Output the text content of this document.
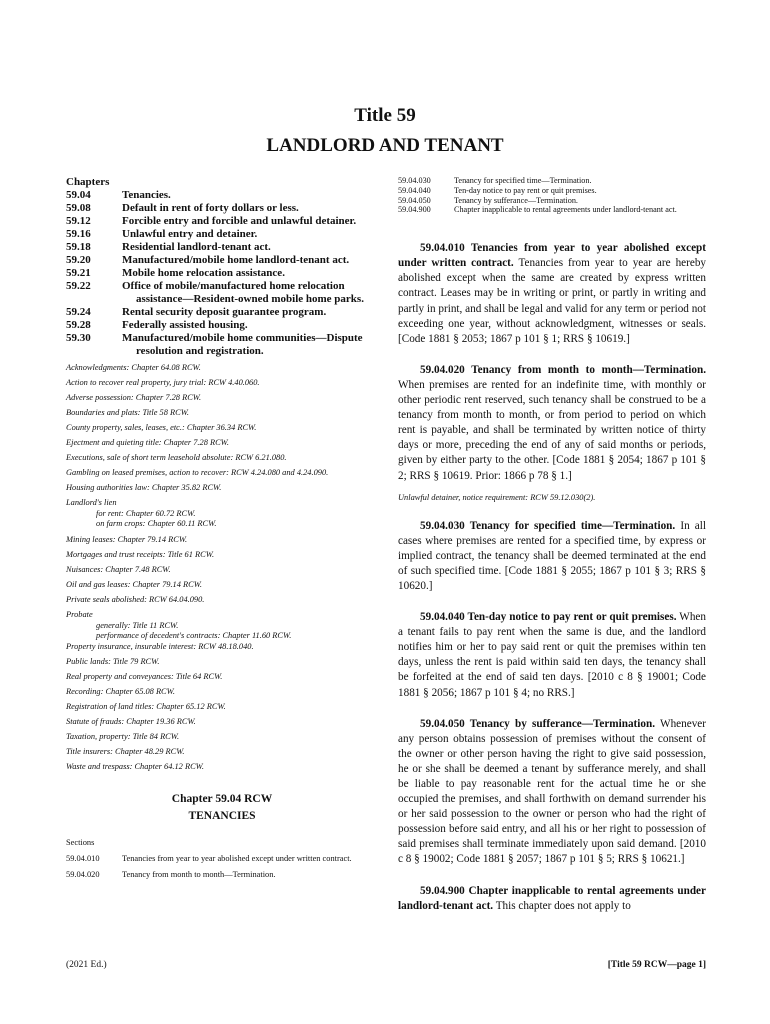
Title 59
LANDLORD AND TENANT
Chapters
59.04	Tenancies.
59.08	Default in rent of forty dollars or less.
59.12	Forcible entry and forcible and unlawful detainer.
59.16	Unlawful entry and detainer.
59.18	Residential landlord-tenant act.
59.20	Manufactured/mobile home landlord-tenant act.
59.21	Mobile home relocation assistance.
59.22	Office of mobile/manufactured home relocation assistance—Resident-owned mobile home parks.
59.24	Rental security deposit guarantee program.
59.28	Federally assisted housing.
59.30	Manufactured/mobile home communities—Dispute resolution and registration.
Acknowledgments: Chapter 64.08 RCW.
Action to recover real property, jury trial: RCW 4.40.060.
Adverse possession: Chapter 7.28 RCW.
Boundaries and plats: Title 58 RCW.
County property, sales, leases, etc.: Chapter 36.34 RCW.
Ejectment and quieting title: Chapter 7.28 RCW.
Executions, sale of short term leasehold absolute: RCW 6.21.080.
Gambling on leased premises, action to recover: RCW 4.24.080 and 4.24.090.
Housing authorities law: Chapter 35.82 RCW.
Landlord's lien
for rent: Chapter 60.72 RCW.
on farm crops: Chapter 60.11 RCW.
Mining leases: Chapter 79.14 RCW.
Mortgages and trust receipts: Title 61 RCW.
Nuisances: Chapter 7.48 RCW.
Oil and gas leases: Chapter 79.14 RCW.
Private seals abolished: RCW 64.04.090.
Probate
generally: Title 11 RCW.
performance of decedent's contracts: Chapter 11.60 RCW.
Property insurance, insurable interest: RCW 48.18.040.
Public lands: Title 79 RCW.
Real property and conveyances: Title 64 RCW.
Recording: Chapter 65.08 RCW.
Registration of land titles: Chapter 65.12 RCW.
Statute of frauds: Chapter 19.36 RCW.
Taxation, property: Title 84 RCW.
Title insurers: Chapter 48.29 RCW.
Waste and trespass: Chapter 64.12 RCW.
Chapter 59.04 RCW
TENANCIES
Sections
59.04.010	Tenancies from year to year abolished except under written contract.
59.04.020	Tenancy from month to month—Termination.
59.04.030	Tenancy for specified time—Termination.
59.04.040	Ten-day notice to pay rent or quit premises.
59.04.050	Tenancy by sufferance—Termination.
59.04.900	Chapter inapplicable to rental agreements under landlord-tenant act.
59.04.010 Tenancies from year to year abolished except under written contract. Tenancies from year to year are hereby abolished except when the same are created by express written contract. Leases may be in writing or print, or partly in writing and partly in print, and shall be legal and valid for any term or period not exceeding one year, without acknowledgment, witnesses or seals. [Code 1881 § 2053; 1867 p 101 § 1; RRS § 10619.]
59.04.020 Tenancy from month to month—Termination. When premises are rented for an indefinite time, with monthly or other periodic rent reserved, such tenancy shall be construed to be a tenancy from month to month, or from period to period on which rent is payable, and shall be terminated by written notice of thirty days or more, preceding the end of any of said months or periods, given by either party to the other. [Code 1881 § 2054; 1867 p 101 § 2; RRS § 10619. Prior: 1866 p 78 § 1.]
Unlawful detainer, notice requirement: RCW 59.12.030(2).
59.04.030 Tenancy for specified time—Termination. In all cases where premises are rented for a specified time, by express or implied contract, the tenancy shall be deemed terminated at the end of such specified time. [Code 1881 § 2055; 1867 p 101 § 3; RRS § 10620.]
59.04.040 Ten-day notice to pay rent or quit premises. When a tenant fails to pay rent when the same is due, and the landlord notifies him or her to pay said rent or quit the premises within ten days, unless the rent is paid within said ten days, the tenancy shall be forfeited at the end of said ten days. [2010 c 8 § 19001; Code 1881 § 2056; 1867 p 101 § 4; no RRS.]
59.04.050 Tenancy by sufferance—Termination. Whenever any person obtains possession of premises without the consent of the owner or other person having the right to give said possession, he or she shall be deemed a tenant by sufferance merely, and shall be liable to pay reasonable rent for the actual time he or she occupied the premises, and shall forthwith on demand surrender his or her said possession to the owner or person who had the right of possession before said entry, and all his or her right to possession of said premises shall terminate immediately upon said demand. [2010 c 8 § 19002; Code 1881 § 2057; 1867 p 101 § 5; RRS § 10621.]
59.04.900 Chapter inapplicable to rental agreements under landlord-tenant act. This chapter does not apply to
(2021 Ed.)	[Title 59 RCW—page 1]
